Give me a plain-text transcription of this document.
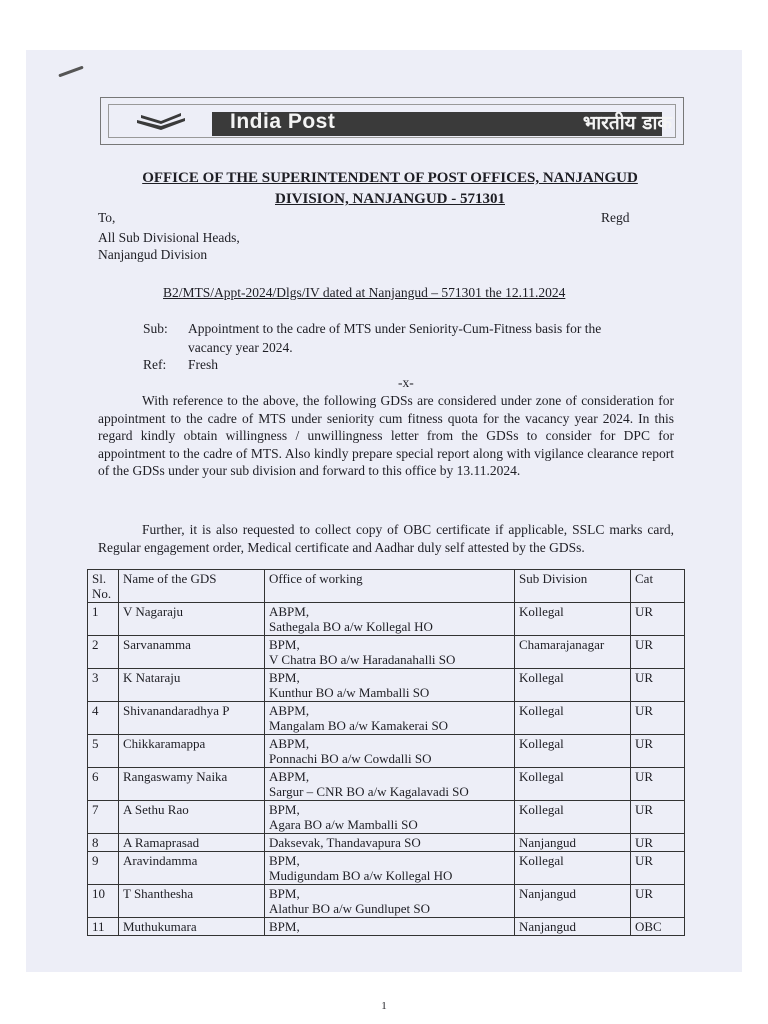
India Post	भारतीय डाक
OFFICE OF THE SUPERINTENDENT OF POST OFFICES, NANJANGUD
DIVISION, NANJANGUD - 571301
To,	Regd
All Sub Divisional Heads,
Nanjangud Division
B2/MTS/Appt-2024/Dlgs/IV dated at Nanjangud – 571301 the 12.11.2024
Sub: Appointment to the cadre of MTS under Seniority-Cum-Fitness basis for the
vacancy year 2024.
Ref: Fresh
-x-
With reference to the above, the following GDSs are considered under zone of consideration for appointment to the cadre of MTS under seniority cum fitness quota for the vacancy year 2024. In this regard kindly obtain willingness / unwillingness letter from the GDSs to consider for DPC for appointment to the cadre of MTS. Also kindly prepare special report along with vigilance clearance report of the GDSs under your sub division and forward to this office by 13.11.2024.
Further, it is also requested to collect copy of OBC certificate if applicable, SSLC marks card, Regular engagement order, Medical certificate and Aadhar duly self attested by the GDSs.
Sl.
No.	Name of the GDS	Office of working	Sub Division	Cat
1	V Nagaraju	ABPM,
Sathegala BO a/w Kollegal HO	Kollegal	UR
2	Sarvanamma	BPM,
V Chatra BO a/w Haradanahalli SO	Chamarajanagar	UR
3	K Nataraju	BPM,
Kunthur BO a/w Mamballi SO	Kollegal	UR
4	Shivanandaradhya P	ABPM,
Mangalam BO a/w Kamakerai SO	Kollegal	UR
5	Chikkaramappa	ABPM,
Ponnachi BO a/w Cowdalli SO	Kollegal	UR
6	Rangaswamy Naika	ABPM,
Sargur – CNR BO a/w Kagalavadi SO	Kollegal	UR
7	A Sethu Rao	BPM,
Agara BO a/w Mamballi SO	Kollegal	UR
8	A Ramaprasad	Daksevak, Thandavapura SO	Nanjangud	UR
9	Aravindamma	BPM,
Mudigundam BO a/w Kollegal HO	Kollegal	UR
10	T Shanthesha	BPM,
Alathur BO a/w Gundlupet SO	Nanjangud	UR
11	Muthukumara	BPM,	Nanjangud	OBC
1
